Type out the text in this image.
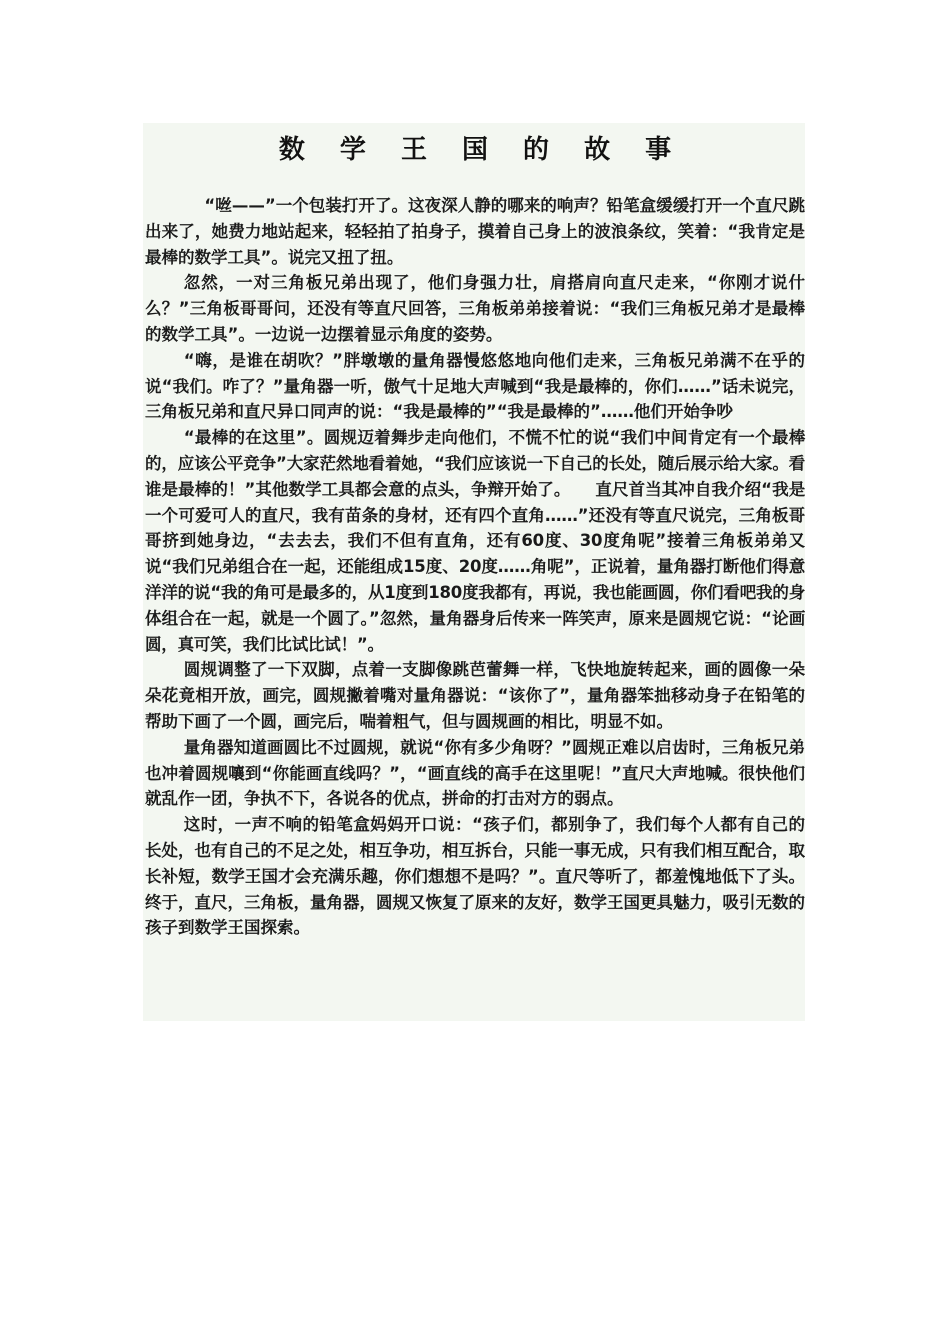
数 学 王 国 的 故 事

“咝——”一个包装打开了。这夜深人静的哪来的响声？铅笔盒缓缓打开一个直尺跳出来了，她费力地站起来，轻轻拍了拍身子，摸着自己身上的波浪条纹，笑着：“我肯定是最棒的数学工具”。说完又扭了扭。

忽然，一对三角板兄弟出现了，他们身强力壮，肩搭肩向直尺走来，“你刚才说什么？”三角板哥哥问，还没有等直尺回答，三角板弟弟接着说：“我们三角板兄弟才是最棒的数学工具”。一边说一边摆着显示角度的姿势。

“嗨，是谁在胡吹？”胖墩墩的量角器慢悠悠地向他们走来，三角板兄弟满不在乎的说“我们。咋了？”量角器一听，傲气十足地大声喊到“我是最棒的，你们……”话未说完，三角板兄弟和直尺异口同声的说：“我是最棒的”“我是最棒的”……他们开始争吵

“最棒的在这里”。圆规迈着舞步走向他们，不慌不忙的说“我们中间肯定有一个最棒的，应该公平竞争”大家茫然地看着她，“我们应该说一下自己的长处，随后展示给大家。看谁是最棒的！”其他数学工具都会意的点头，争辩开始了。　　直尺首当其冲自我介绍“我是一个可爱可人的直尺，我有苗条的身材，还有四个直角……”还没有等直尺说完，三角板哥哥挤到她身边，“去去去，我们不但有直角，还有60度、30度角呢”接着三角板弟弟又说“我们兄弟组合在一起，还能组成15度、20度……角呢”，正说着，量角器打断他们得意洋洋的说“我的角可是最多的，从1度到180度我都有，再说，我也能画圆，你们看吧我的身体组合在一起，就是一个圆了。”忽然，量角器身后传来一阵笑声，原来是圆规它说：“论画圆，真可笑，我们比试比试！”。

圆规调整了一下双脚，点着一支脚像跳芭蕾舞一样，飞快地旋转起来，画的圆像一朵朵花竟相开放，画完，圆规撇着嘴对量角器说：“该你了”，量角器笨拙移动身子在铅笔的帮助下画了一个圆，画完后，喘着粗气，但与圆规画的相比，明显不如。

量角器知道画圆比不过圆规，就说“你有多少角呀？”圆规正难以启齿时，三角板兄弟也冲着圆规嚷到“你能画直线吗？”，“画直线的高手在这里呢！”直尺大声地喊。很快他们就乱作一团，争执不下，各说各的优点，拼命的打击对方的弱点。

这时，一声不响的铅笔盒妈妈开口说：“孩子们，都别争了，我们每个人都有自己的长处，也有自己的不足之处，相互争功，相互拆台，只能一事无成，只有我们相互配合，取长补短，数学王国才会充满乐趣，你们想想不是吗？”。直尺等听了，都羞愧地低下了头。终于，直尺，三角板，量角器，圆规又恢复了原来的友好，数学王国更具魅力，吸引无数的孩子到数学王国探索。
